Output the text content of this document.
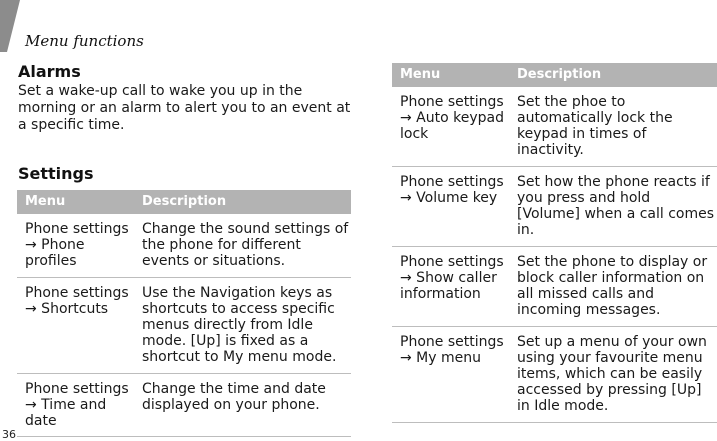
Menu functions
Alarms
Set a wake-up call to wake you up in the morning or an alarm to alert you to an event at a specific time.
Settings
Menu	Description
Phone settings → Phone profiles	Change the sound settings of the phone for different events or situations.
Phone settings → Shortcuts	Use the Navigation keys as shortcuts to access specific menus directly from Idle mode. [Up] is fixed as a shortcut to My menu mode.
Phone settings → Time and date	Change the time and date displayed on your phone.
Menu	Description
Phone settings → Auto keypad lock	Set the phoe to automatically lock the keypad in times of inactivity.
Phone settings → Volume key	Set how the phone reacts if you press and hold [Volume] when a call comes in.
Phone settings → Show caller information	Set the phone to display or block caller information on all missed calls and incoming messages.
Phone settings → My menu	Set up a menu of your own using your favourite menu items, which can be easily accessed by pressing [Up] in Idle mode.
36
